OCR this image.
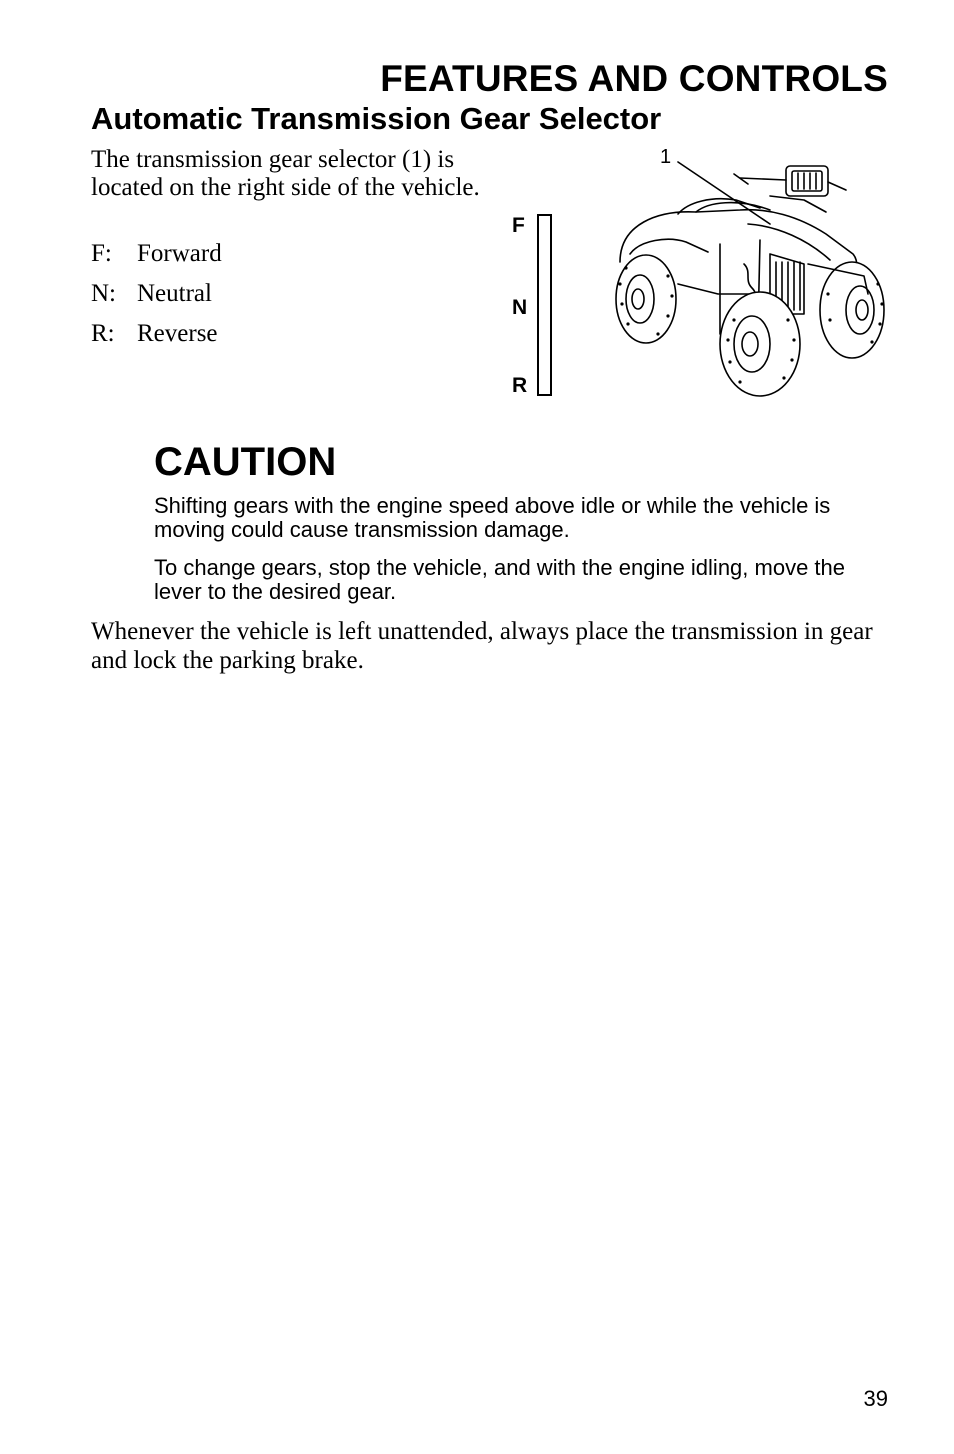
FEATURES AND CONTROLS
Automatic Transmission Gear Selector

The transmission gear selector (1) is located on the right side of the vehicle.

F:	Forward
N: Neutral
R: Reverse
F
N
R
1
CAUTION

Shifting gears with the engine speed above idle or while the vehicle is moving could cause transmission damage.

To change gears, stop the vehicle, and with the engine idling, move the lever to the desired gear.

Whenever the vehicle is left unattended, always place the transmission in gear and lock the parking brake.

39
